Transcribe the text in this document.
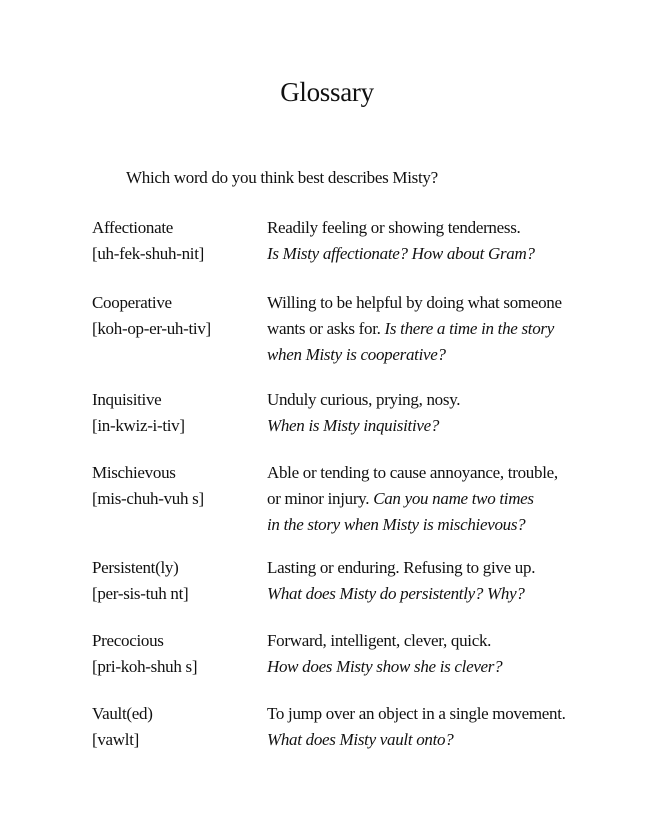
Glossary
Which word do you think best describes Misty?
Affectionate
[uh-fek-shuh-nit]
Readily feeling or showing tenderness.
Is Misty affectionate? How about Gram?
Cooperative
[koh-op-er-uh-tiv]
Willing to be helpful by doing what someone
wants or asks for. Is there a time in the story
when Misty is cooperative?
Inquisitive
[in-kwiz-i-tiv]
Unduly curious, prying, nosy.
When is Misty inquisitive?
Mischievous
[mis-chuh-vuh s]
Able or tending to cause annoyance, trouble,
or minor injury. Can you name two times
in the story when Misty is mischievous?
Persistent(ly)
[per-sis-tuh nt]
Lasting or enduring. Refusing to give up.
What does Misty do persistently? Why?
Precocious
[pri-koh-shuh s]
Forward, intelligent, clever, quick.
How does Misty show she is clever?
Vault(ed)
[vawlt]
To jump over an object in a single movement.
What does Misty vault onto?
